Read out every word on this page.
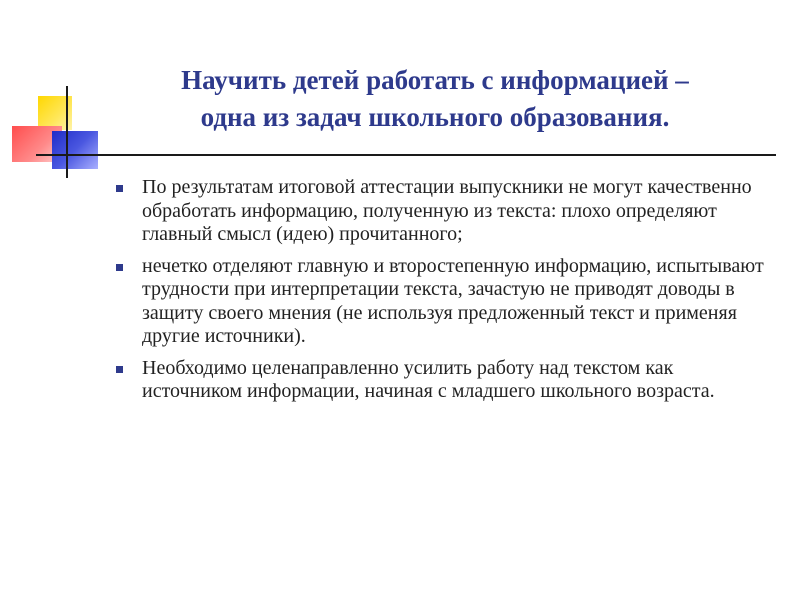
Научить детей работать с информацией –
одна из задач школьного образования.
По результатам итоговой аттестации выпускники не могут качественно обработать информацию, полученную из текста: плохо определяют главный смысл (идею) прочитанного;
нечетко отделяют главную и второстепенную информацию, испытывают трудности при интерпретации текста, зачастую не приводят доводы в защиту своего мнения (не используя предложенный текст и применяя другие источники).
Необходимо целенаправленно усилить работу над текстом как источником информации, начиная с младшего школьного возраста.
